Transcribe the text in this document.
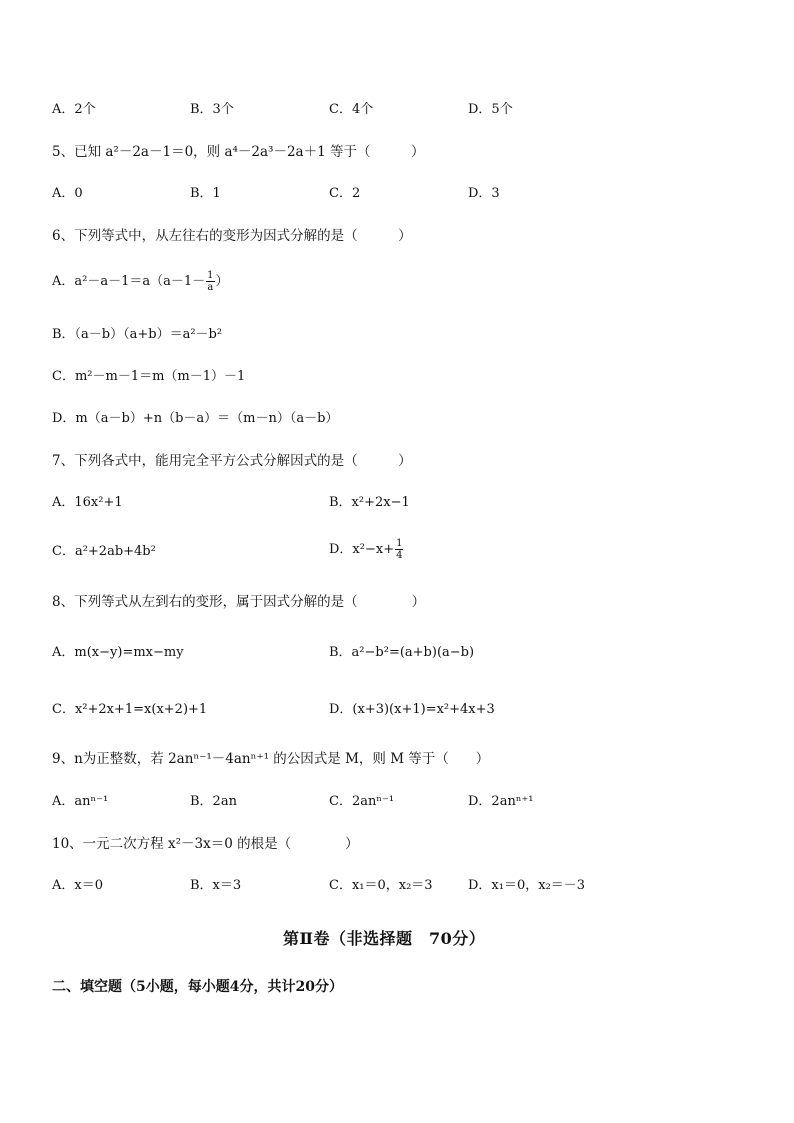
A．2个	B．3个	C．4个	D．5个
5、已知 a²－2a－1＝0，则 a⁴－2a³－2a＋1 等于（　　　）
A．0	B．1	C．2	D．3
6、下列等式中，从左往右的变形为因式分解的是（　　　）
A．$a^2-a-1=a(a-1- \frac{1}{a}$ ）
B．（a－b）（a+b）＝a²－b²
C．m²－m－1＝m（m－1）－1
D．m（a－b）+n（b－a）＝（m－n）（a－b）
7、下列各式中，能用完全平方公式分解因式的是（　　　）
A．16x²+1	B．x²+2x−1
C．a²+2ab+4b²	D．$x^2-x+ \frac{1}{4}$
8、下列等式从左到右的变形，属于因式分解的是（　　　　）
A．m(x−y)=mx−my	B．a²−b²=(a+b)(a−b)
C．x²+2x+1=x(x+2)+1	D．(x+3)(x+1)=x²+4x+3
9、n为正整数，若 2anⁿ⁻¹－4anⁿ⁺¹ 的公因式是 M，则 M 等于（　　）
A．anⁿ⁻¹	B．2an	C．2anⁿ⁻¹	D．2anⁿ⁺¹
10、一元二次方程 x²－3x＝0 的根是（　　　　）
A．x＝0	B．x＝3	C．x₁＝0，x₂＝3	D．x₁＝0，x₂＝－3
第Ⅱ卷（非选择题　70分）
二、填空题（5小题，每小题4分，共计20分）
